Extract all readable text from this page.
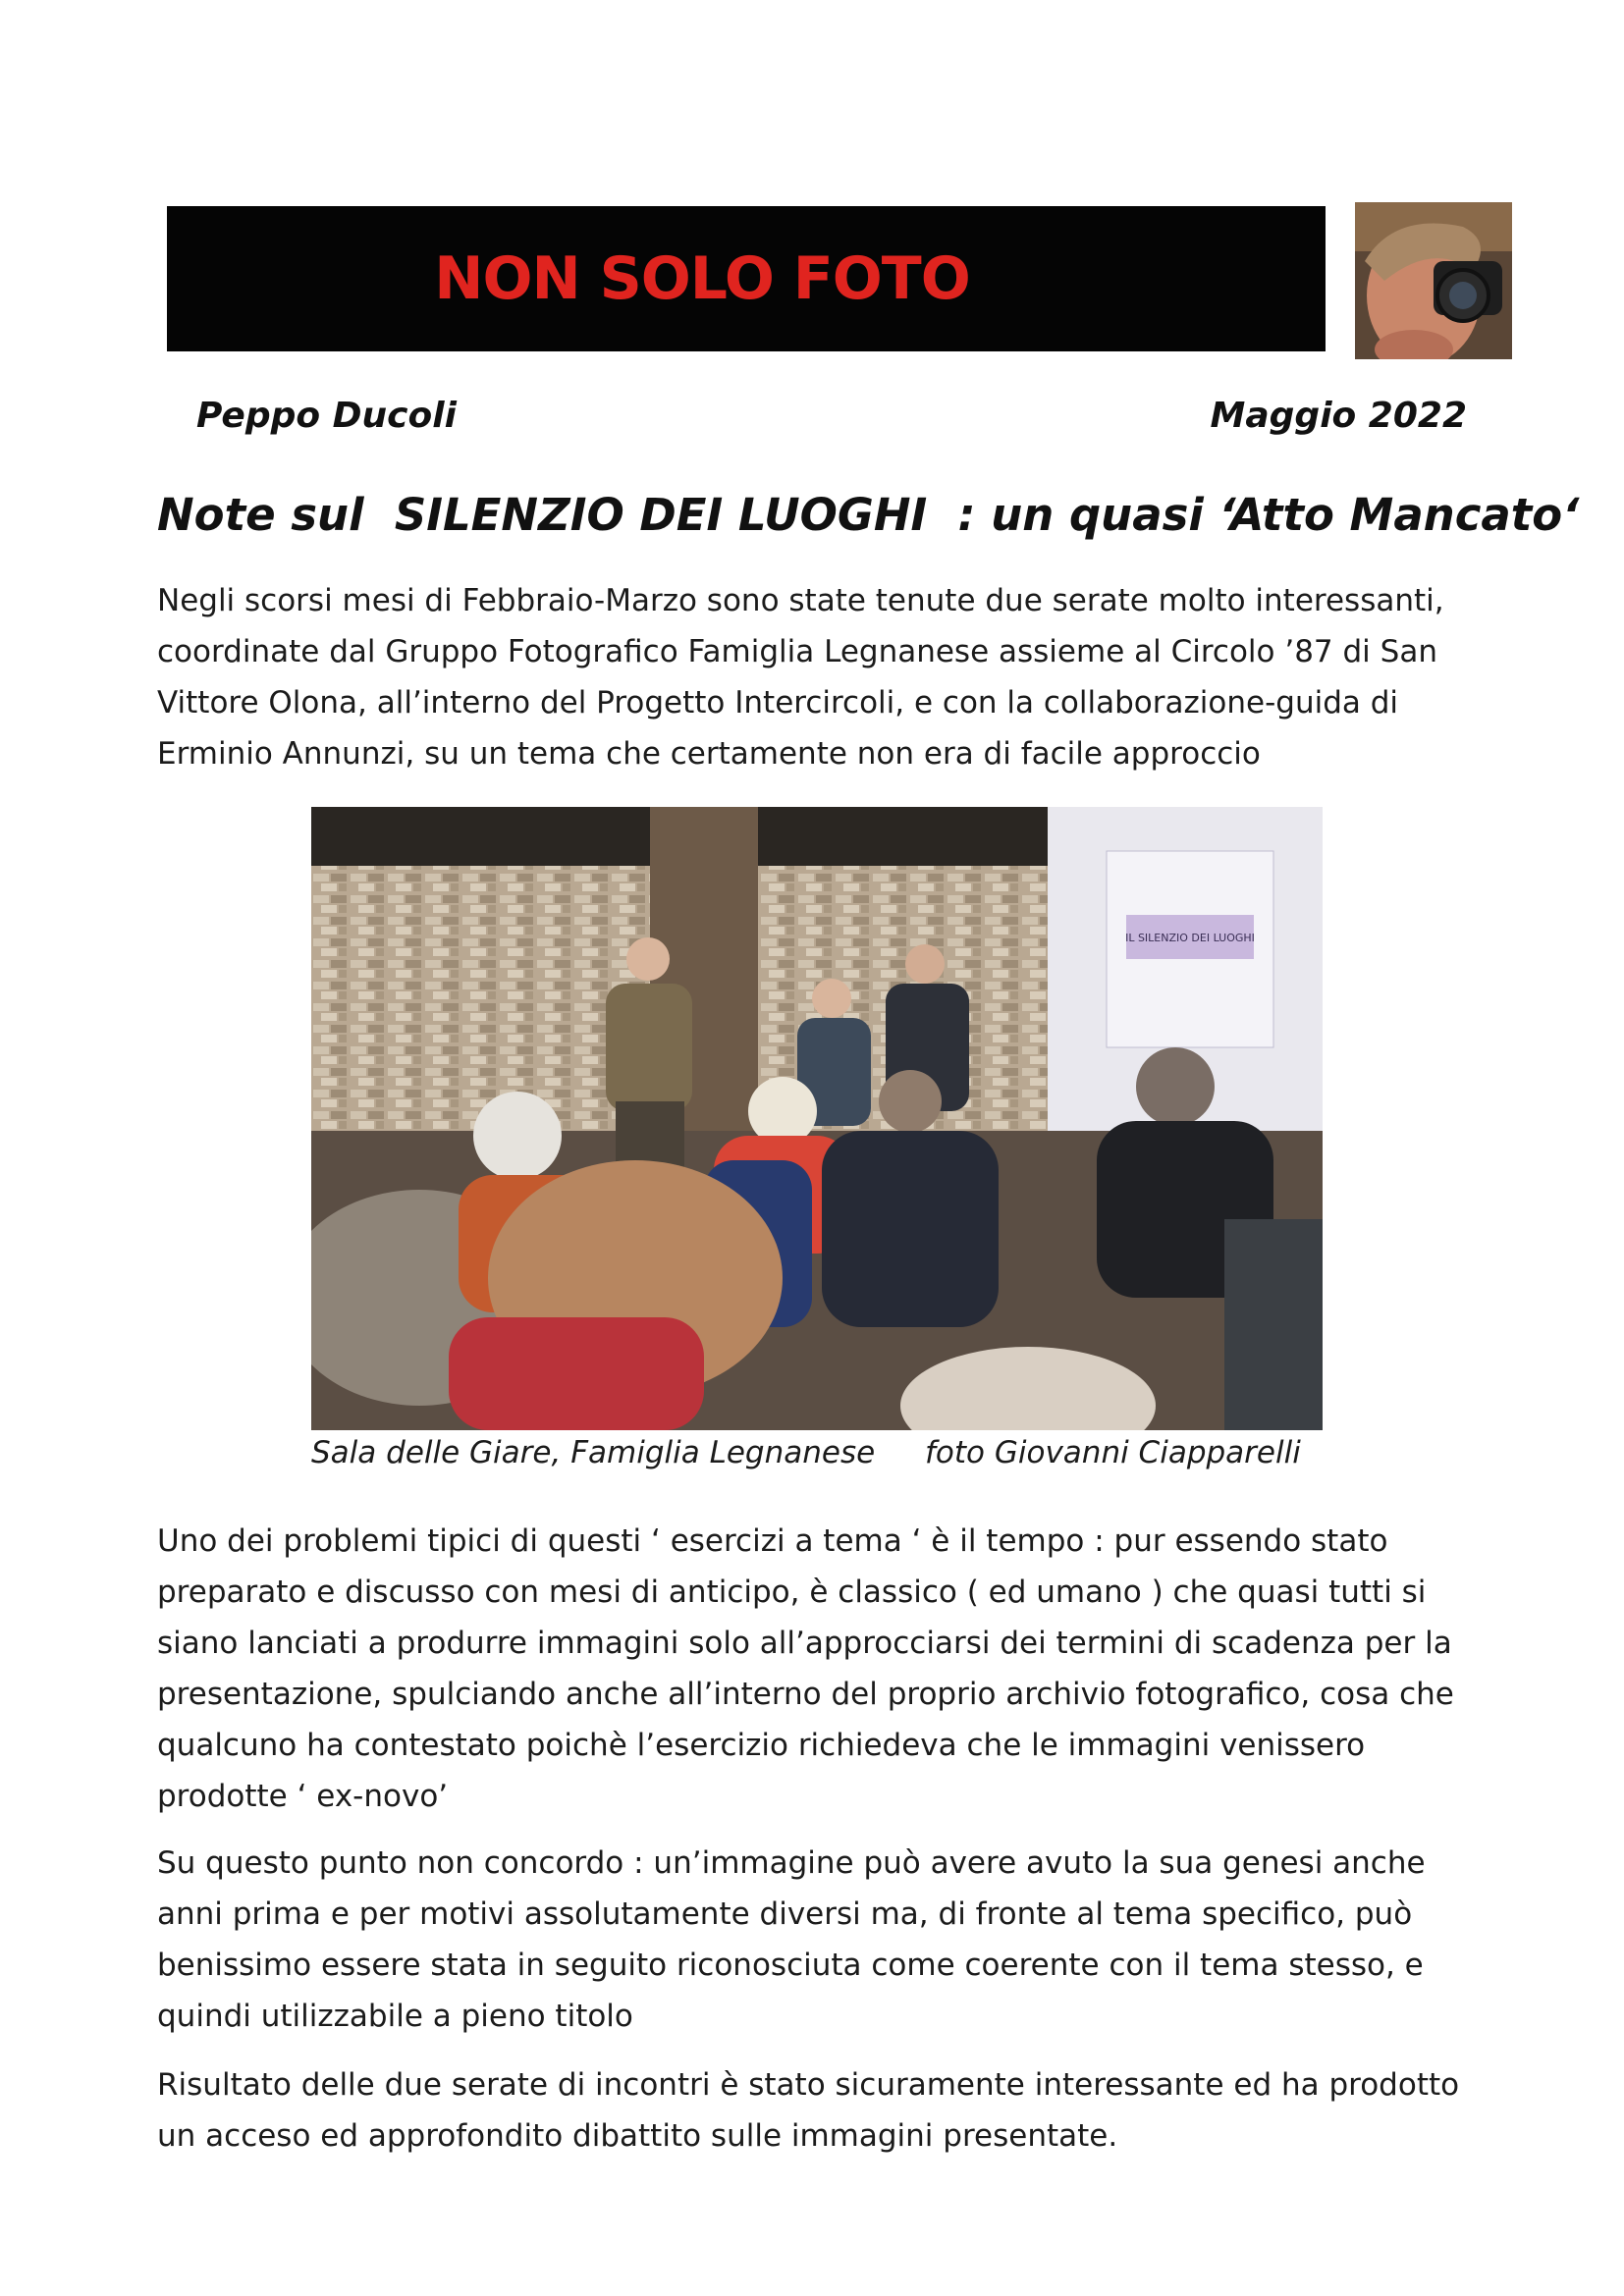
NON SOLO FOTO
Peppo Ducoli	Maggio 2022
Note sul  SILENZIO DEI LUOGHI  : un quasi ‘Atto Mancato‘

Negli scorsi mesi di Febbraio-Marzo sono state tenute due serate molto interessanti, coordinate dal Gruppo Fotografico Famiglia Legnanese assieme al Circolo ’87 di San Vittore Olona, all’interno del Progetto Intercircoli, e con la collaborazione-guida di Erminio Annunzi, su un tema che certamente non era di facile approccio

IL SILENZIO DEI LUOGHI
Sala delle Giare, Famiglia Legnanese foto Giovanni Ciapparelli

Uno dei problemi tipici di questi ‘ esercizi a tema ‘ è il tempo : pur essendo stato preparato e discusso con mesi di anticipo, è classico ( ed umano ) che quasi tutti si siano lanciati a produrre immagini solo all’approcciarsi dei termini di scadenza per la presentazione, spulciando anche all’interno del proprio archivio fotografico, cosa che qualcuno ha contestato poichè l’esercizio richiedeva che le immagini venissero prodotte ‘ ex-novo’

Su questo punto non concordo : un’immagine può avere avuto la sua genesi anche anni prima e per motivi assolutamente diversi ma, di fronte al tema specifico, può benissimo essere stata in seguito riconosciuta come coerente con il tema stesso, e quindi utilizzabile a pieno titolo

Risultato delle due serate di incontri è stato sicuramente interessante ed ha prodotto un acceso ed approfondito dibattito sulle immagini presentate.
